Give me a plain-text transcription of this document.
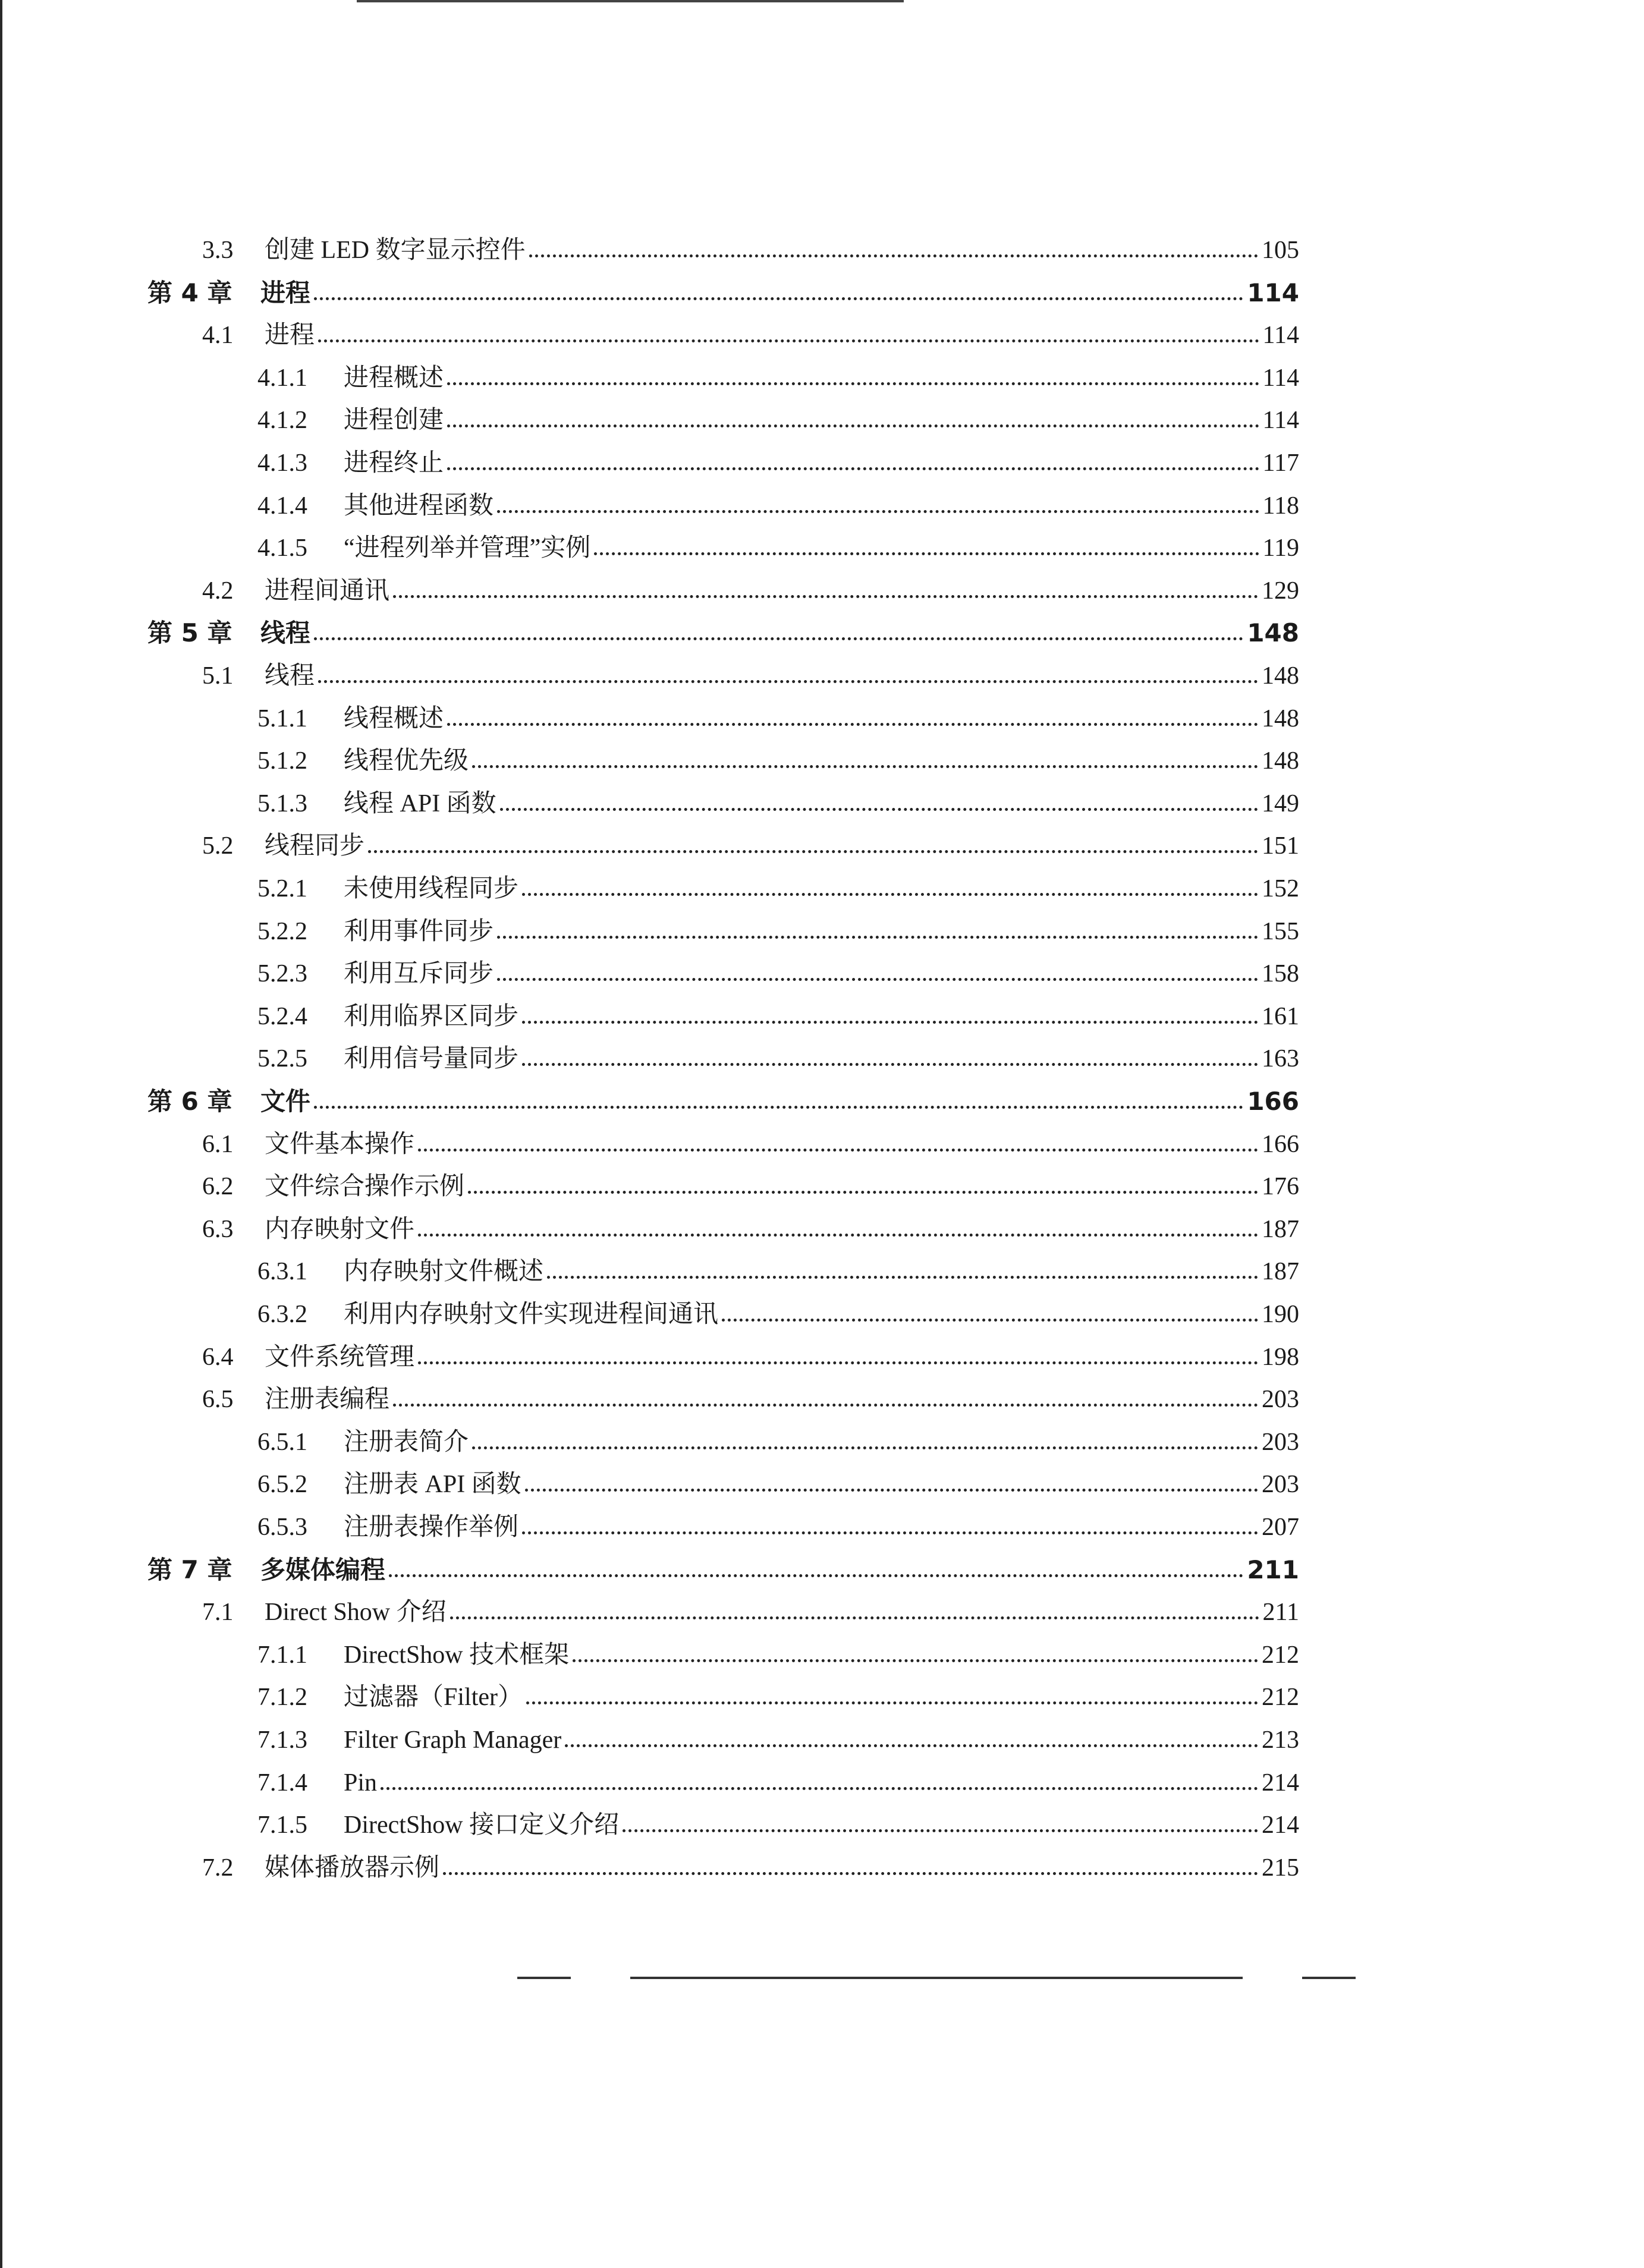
3.3	创建 LED 数字显示控件	105
第 4 章	进程	114
4.1	进程	114
4.1.1	进程概述	114
4.1.2	进程创建	114
4.1.3	进程终止	117
4.1.4	其他进程函数	118
4.1.5	“进程列举并管理”实例	119
4.2	进程间通讯	129
第 5 章	线程	148
5.1	线程	148
5.1.1	线程概述	148
5.1.2	线程优先级	148
5.1.3	线程 API 函数	149
5.2	线程同步	151
5.2.1	未使用线程同步	152
5.2.2	利用事件同步	155
5.2.3	利用互斥同步	158
5.2.4	利用临界区同步	161
5.2.5	利用信号量同步	163
第 6 章	文件	166
6.1	文件基本操作	166
6.2	文件综合操作示例	176
6.3	内存映射文件	187
6.3.1	内存映射文件概述	187
6.3.2	利用内存映射文件实现进程间通讯	190
6.4	文件系统管理	198
6.5	注册表编程	203
6.5.1	注册表简介	203
6.5.2	注册表 API 函数	203
6.5.3	注册表操作举例	207
第 7 章	多媒体编程	211
7.1	Direct Show 介绍	211
7.1.1	DirectShow 技术框架	212
7.1.2	过滤器（Filter）	212
7.1.3	Filter Graph Manager	213
7.1.4	Pin	214
7.1.5	DirectShow 接口定义介绍	214
7.2	媒体播放器示例	215
